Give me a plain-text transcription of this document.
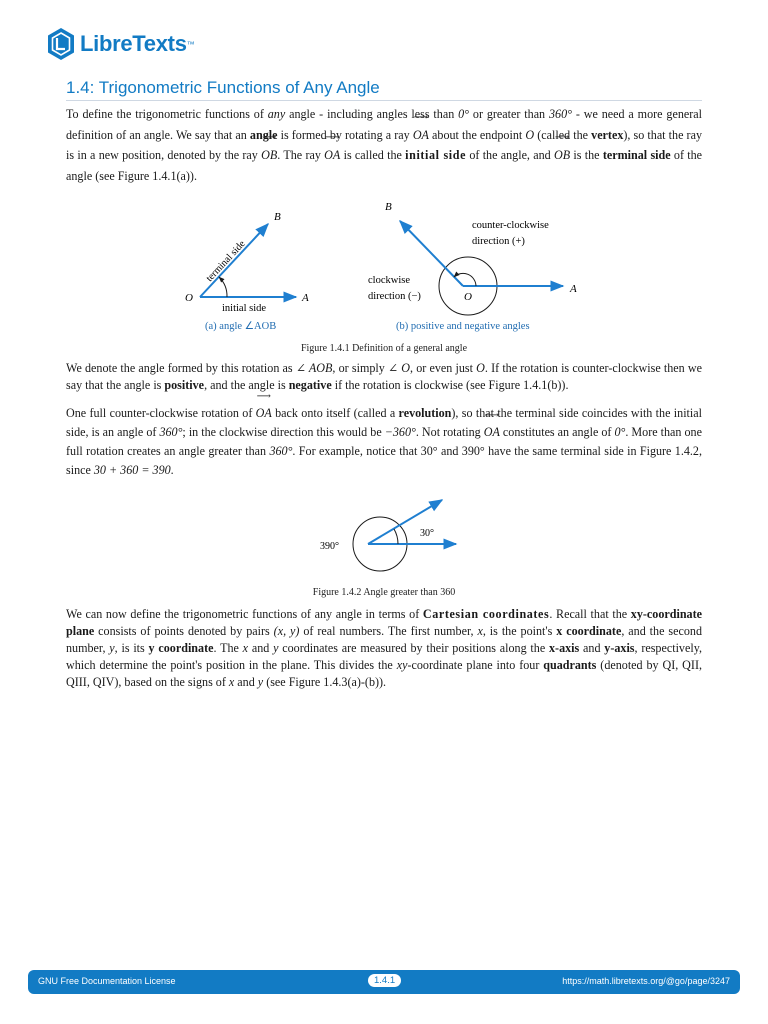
LibreTexts ™
1.4: Trigonometric Functions of Any Angle

To define the trigonometric functions of any angle - including angles less than 0° or greater than 360° - we need a more general definition of an angle. We say that an angle is formed by rotating a ray ⟶ OA about the endpoint O (called the vertex), so that the ray is in a new position, denoted by the ray ⟶ OB. The ray ⟶ OA is called the initial side of the angle, and ⟶ OB is the terminal side of the angle (see Figure 1.4.1(a)).

B
O	A
terminal side
initial side
(a) angle ∠AOB
B
O
A
counter-clockwise
direction (+)
clockwise
direction (−)
(b) positive and negative angles

Figure 1.4.1 Definition of a general angle

We denote the angle formed by this rotation as ∠ AOB, or simply ∠ O, or even just O. If the rotation is counter-clockwise then we say that the angle is positive, and the angle is negative if the rotation is clockwise (see Figure 1.4.1(b)).

One full counter-clockwise rotation of ⟶ OA back onto itself (called a revolution), so that the terminal side coincides with the initial side, is an angle of 360°; in the clockwise direction this would be −360°. Not rotating ⟶ OA constitutes an angle of 0°. More than one full rotation creates an angle greater than 360°. For example, notice that 30° and 390° have the same terminal side in Figure 1.4.2, since 30 + 360 = 390.

30°
390°

Figure 1.4.2 Angle greater than 360

We can now define the trigonometric functions of any angle in terms of Cartesian coordinates. Recall that the xy-coordinate plane consists of points denoted by pairs (x, y) of real numbers. The first number, x, is the point's x coordinate, and the second number, y, is its y coordinate. The x and y coordinates are measured by their positions along the x-axis and y-axis, respectively, which determine the point's position in the plane. This divides the xy-coordinate plane into four quadrants (denoted by QI, QII, QIII, QIV), based on the signs of x and y (see Figure 1.4.3(a)-(b)).

GNU Free Documentation License	1.4.1	https://math.libretexts.org/@go/page/3247
